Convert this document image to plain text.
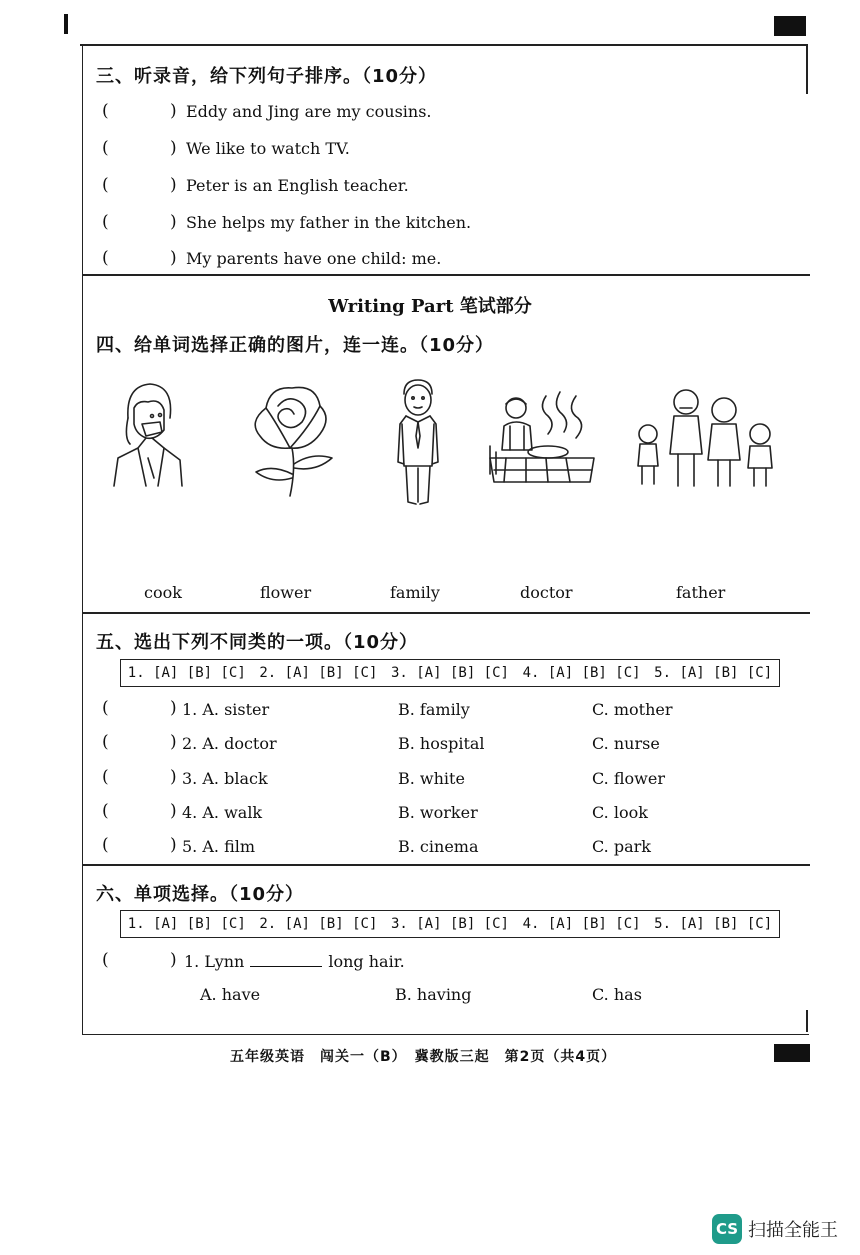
三、听录音，给下列句子排序。（10分）
(	) Eddy and Jing are my cousins.
(	) We like to watch TV.
(	) Peter is an English teacher.
(	) She helps my father in the kitchen.
(	) My parents have one child: me.
Writing Part 笔试部分
四、给单词选择正确的图片，连一连。（10分）
cook	flower	family	doctor	father
五、选出下列不同类的一项。（10分）
1. [A] [B] [C] 2. [A] [B] [C] 3. [A] [B] [C] 4. [A] [B] [C] 5. [A] [B] [C]
(	) 1. A. sister	B. family	C. mother
(	) 2. A. doctor	B. hospital	C. nurse
(	) 3. A. black	B. white	C. flower
(	) 4. A. walk	B. worker	C. look
(	) 5. A. film	B. cinema	C. park
六、单项选择。（10分）
1. [A] [B] [C] 2. [A] [B] [C] 3. [A] [B] [C] 4. [A] [B] [C] 5. [A] [B] [C]
(	) 1. Lynn	long hair.
A. have	B. having	C. has
五年级英语　闯关一（B）　冀教版三起　第2页（共4页）
CS 扫描全能王
